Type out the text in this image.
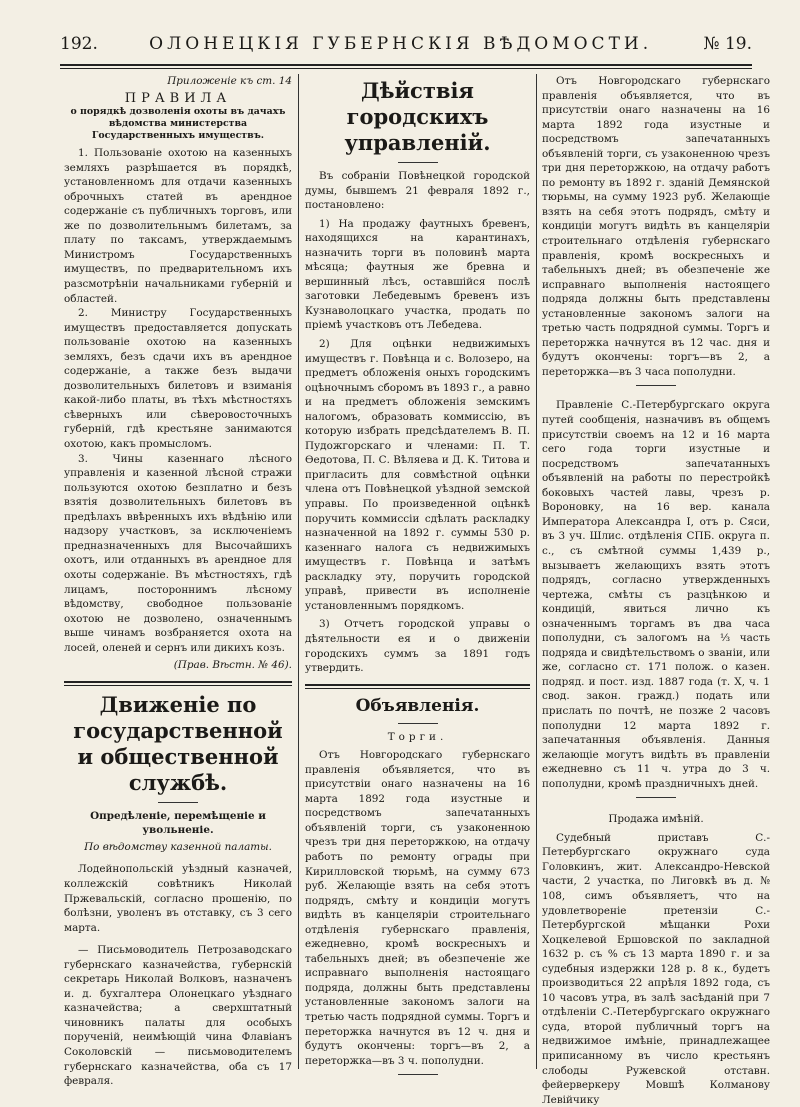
192.	ОЛОНЕЦКІЯ ГУБЕРНСКІЯ ВѢДОМОСТИ.	№ 19.

Приложеніе къ ст. 14

ПРАВИЛА

о порядкѣ дозволенія охоты въ дачахъ вѣдомства министерства Государственныхъ имуществъ.

1. Пользованіе охотою на казенныхъ земляхъ разрѣшается въ порядкѣ, установленномъ для отдачи казенныхъ оброчныхъ статей въ арендное содержаніе съ публичныхъ торговъ, или же по дозволительнымъ билетамъ, за плату по таксамъ, утверждаемымъ Министромъ Государственныхъ имуществъ, по предварительномъ ихъ разсмотрѣніи начальниками губерній и областей.

2. Министру Государственныхъ имуществъ предоставляется допускать пользованіе охотою на казенныхъ земляхъ, безъ сдачи ихъ въ арендное содержаніе, а также безъ выдачи дозволительныхъ билетовъ и взиманія какой-либо платы, въ тѣхъ мѣстностяхъ сѣверныхъ или сѣверовосточныхъ губерній, гдѣ крестьяне занимаются охотою, какъ промысломъ.

3. Чины казеннаго лѣсного управленія и казенной лѣсной стражи пользуются охотою безплатно и безъ взятія дозволительныхъ билетовъ въ предѣлахъ ввѣренныхъ ихъ вѣдѣнію или надзору участковъ, за исключеніемъ предназначенныхъ для Высочайшихъ охотъ, или отданныхъ въ арендное для охоты содержаніе. Въ мѣстностяхъ, гдѣ лицамъ, постороннимъ лѣсному вѣдомству, свободное пользованіе охотою не дозволено, означеннымъ выше чинамъ возбраняется охота на лосей, оленей и сернъ или дикихъ козъ.

(Прав. Вѣстн. № 46).

Движеніе по государственной и общественной службѣ.

Опредѣленіе, перемѣщеніе и увольненіе.

По вѣдомству казенной палаты.

Лодейнопольскій уѣздный казначей, коллежскій совѣтникъ Николай Пржевальскій, согласно прошенію, по болѣзни, уволенъ въ отставку, съ 3 сего марта.

— Письмоводитель Петрозаводскаго губернскаго казначейства, губернскій секретарь Николай Волковъ, назначенъ и. д. бухгалтера Олонецкаго уѣзднаго казначейства; а сверхштатный чиновникъ палаты для особыхъ порученій, неимѣющій чина Флавіанъ Соколовскій — письмоводителемъ губернскаго казначейства, оба съ 17 февраля.

Дѣйствія городскихъ управленій.

Въ собраніи Повѣнецкой городской думы, бывшемъ 21 февраля 1892 г., постановлено:

1) На продажу фаутныхъ бревенъ, находящихся на карантинахъ, назначить торги въ половинѣ марта мѣсяца; фаутныя же бревна и вершинный лѣсъ, оставшійся послѣ заготовки Лебедевымъ бревенъ изъ Кузнаволоцкаго участка, продать по пріемѣ участковъ отъ Лебедева.

2) Для оцѣнки недвижимыхъ имуществъ г. Повѣнца и с. Волозеро, на предметъ обложенія оныхъ городскимъ оцѣночнымъ сборомъ въ 1893 г., а равно и на предметъ обложенія земскимъ налогомъ, образовать коммиссію, въ которую избрать предсѣдателемъ В. П. Пудожгорскаго и членами: П. Т. Ѳедотова, П. С. Вѣляева и Д. К. Титова и пригласить для совмѣстной оцѣнки члена отъ Повѣнецкой уѣздной земской управы. По произведенной оцѣнкѣ поручить коммиссіи сдѣлать раскладку назначенной на 1892 г. суммы 530 р. казеннаго налога съ недвижимыхъ имуществъ г. Повѣнца и затѣмъ раскладку эту, поручить городской управѣ, привести въ исполненіе установленнымъ порядкомъ.

3) Отчетъ городской управы о дѣятельности ея и о движеніи городскихъ суммъ за 1891 годъ утвердить.

Объявленія.

Торги.

Отъ Новгородскаго губернскаго правленія объявляется, что въ присутствіи онаго назначены на 16 марта 1892 года изустные и посредствомъ запечатанныхъ объявленій торги, съ узаконенною чрезъ три дня переторжкою, на отдачу работъ по ремонту ограды при Кирилловской тюрьмѣ, на сумму 673 руб. Желающіе взять на себя этотъ подрядъ, смѣту и кондиціи могутъ видѣть въ канцеляріи строительнаго отдѣленія губернскаго правленія, ежедневно, кромѣ воскресныхъ и табельныхъ дней; въ обезпеченіе же исправнаго выполненія настоящаго подряда, должны быть представлены установленные закономъ залоги на третью часть подрядной суммы. Торгъ и переторжка начнутся въ 12 ч. дня и будутъ окончены: торгъ—въ 2, а переторжка—въ 3 ч. пополудни.

Отъ Новгородскаго губернскаго правленія объявляется, что въ присутствіи онаго назначены на 16 марта 1892 года изустные и посредствомъ запечатанныхъ объявленій торги, съ узаконенною чрезъ три дня переторжкою, на отдачу работъ по ремонту въ 1892 г. зданій Демянской тюрьмы, на сумму 1923 руб. Желающіе взять на себя этотъ подрядъ, смѣту и кондиціи могутъ видѣть въ канцеляріи строительнаго отдѣленія губернскаго правленія, кромѣ воскресныхъ и табельныхъ дней; въ обезпеченіе же исправнаго выполненія настоящего подряда должны быть представлены установленные закономъ залоги на третью часть подрядной суммы. Торгъ и переторжка начнутся въ 12 час. дня и будутъ окончены: торгъ—въ 2, а переторжка—въ 3 часа пополудни.

Правленіе С.-Петербургскаго округа путей сообщенія, назначивъ въ общемъ присутствіи своемъ на 12 и 16 марта сего года торги изустные и посредствомъ запечатанныхъ объявленій на работы по перестройкѣ боковыхъ частей лавы, чрезъ р. Вороновку, на 16 вер. канала Императора Александра I, отъ р. Сяси, въ 3 уч. Шлис. отдѣленія СПБ. округа п. с., съ смѣтной суммы 1,439 р., вызываетъ желающихъ взять этотъ подрядъ, согласно утвержденныхъ чертежа, смѣты съ разцѣнкою и кондицій, явиться лично къ означеннымъ торгамъ въ два часа пополудни, съ залогомъ на ⅓ часть подряда и свидѣтельствомъ о званіи, или же, согласно ст. 171 полож. о казен. подряд. и пост. изд. 1887 года (т. X, ч. 1 свод. закон. гражд.) подать или прислать по почтѣ, не позже 2 часовъ пополудни 12 марта 1892 г. запечатанныя объявленія. Данныя желающіе могутъ видѣть въ правленіи ежедневно съ 11 ч. утра до 3 ч. пополудни, кромѣ праздничныхъ дней.

Продажа имѣній.

Судебный приставъ С.-Петербургскаго окружнаго суда Головкинъ, жит. Александро-Невской части, 2 участка, по Лиговкѣ въ д. № 108, симъ объявляетъ, что на удовлетвореніе претензіи С.-Петербургской мѣщанки Рохи Хоцкелевой Ершовской по закладной 1632 р. съ % съ 13 марта 1890 г. и за судебныя издержки 128 р. 8 к., будетъ производиться 22 апрѣля 1892 года, съ 10 часовъ утра, въ залѣ засѣданій при 7 отдѣленіи С.-Петербургскаго окружнаго суда, второй публичный торгъ на недвижимое имѣніе, принадлежащее приписанному въ число крестьянъ слободы Ружевской отставн. фейерверкеру Мовшѣ Колманову Левійчику
